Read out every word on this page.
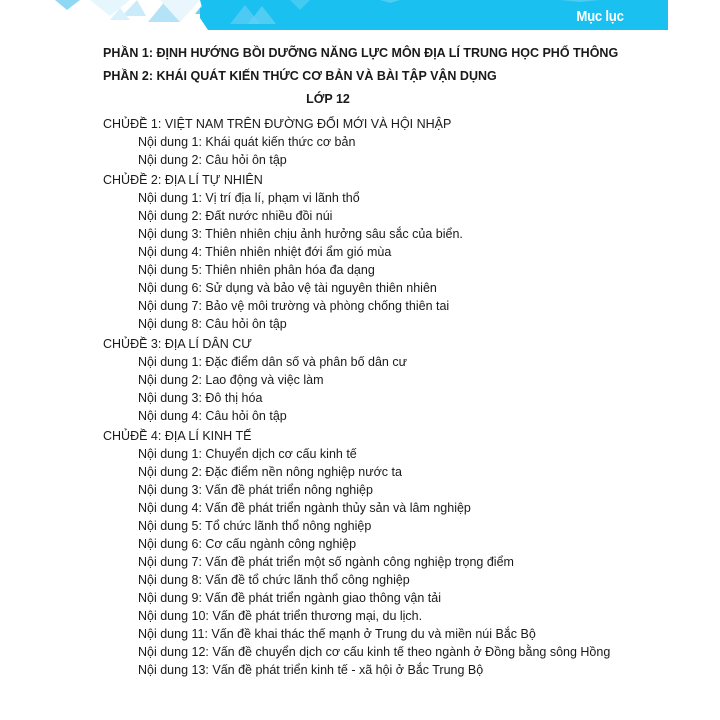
Mục lục
PHẦN 1: ĐỊNH HƯỚNG BỒI DƯỠNG NĂNG LỰC MÔN ĐỊA LÍ TRUNG HỌC PHỔ THÔNG
PHẦN 2: KHÁI QUÁT KIẾN THỨC CƠ BẢN VÀ BÀI TẬP VẬN DỤNG
LỚP 12
CHỦĐỀ 1: VIỆT NAM TRÊN ĐƯỜNG ĐỔI MỚI VÀ HỘI NHẬP
Nội dung 1: Khái quát kiến thức cơ bản
Nội dung 2: Câu hỏi ôn tập
CHỦĐỀ 2: ĐỊA LÍ TỰ NHIÊN
Nội dung 1: Vị trí địa lí, phạm vi lãnh thổ
Nội dung 2: Đất nước nhiều đồi núi
Nội dung 3: Thiên nhiên chịu ảnh hưởng sâu sắc của biển.
Nội dung 4: Thiên nhiên nhiệt đới ẩm gió mùa
Nội dung 5: Thiên nhiên phân hóa đa dạng
Nội dung 6: Sử dụng và bảo vệ tài nguyên thiên nhiên
Nội dung 7: Bảo vệ môi trường và phòng chống thiên tai
Nội dung 8: Câu hỏi ôn tập
CHỦĐỀ 3: ĐỊA LÍ DÂN CƯ
Nội dung 1: Đặc điểm dân số và phân bố dân cư
Nội dung 2: Lao động và việc làm
Nội dung 3: Đô thị hóa
Nội dung 4: Câu hỏi ôn tập
CHỦĐỀ 4: ĐỊA LÍ KINH TẾ
Nội dung 1: Chuyển dịch cơ cấu kinh tế
Nội dung 2: Đặc điểm nền nông nghiệp nước ta
Nội dung 3: Vấn đề phát triển nông nghiệp
Nội dung 4: Vấn đề phát triển ngành thủy sản và lâm nghiệp
Nội dung 5: Tổ chức lãnh thổ nông nghiệp
Nội dung 6: Cơ cấu ngành công nghiệp
Nội dung 7: Vấn đề phát triển một số ngành công nghiệp trọng điểm
Nội dung 8: Vấn đề tổ chức lãnh thổ công nghiệp
Nội dung 9: Vấn đề phát triển ngành giao thông vận tải
Nội dung 10: Vấn đề phát triển thương mại, du lịch.
Nội dung 11: Vấn đề khai thác thế mạnh ở Trung du và miền núi Bắc Bộ
Nội dung 12: Vấn đề chuyển dịch cơ cấu kinh tế theo ngành ở Đồng bằng sông Hồng
Nội dung 13: Vấn đề phát triển kinh tế - xã hội ở Bắc Trung Bộ
